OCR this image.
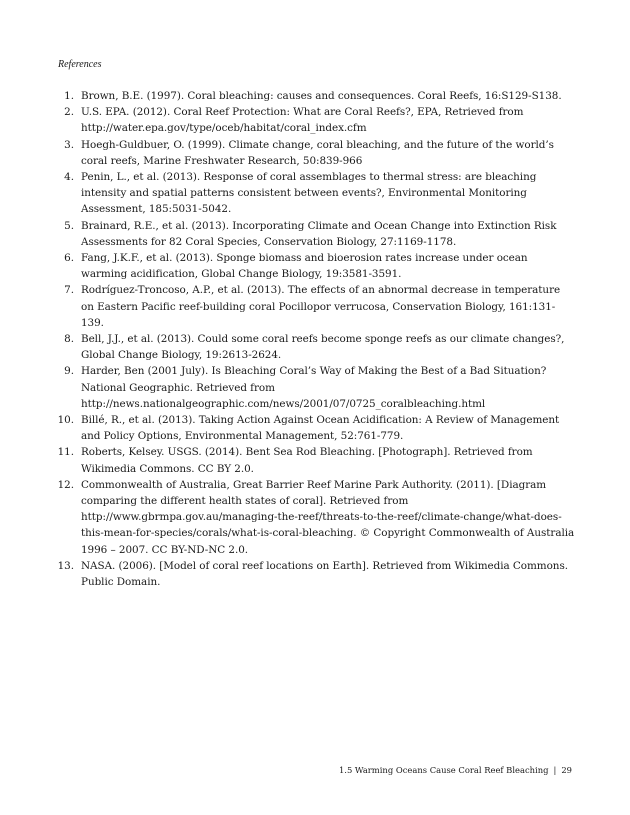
References
1. Brown, B.E. (1997). Coral bleaching: causes and consequences. Coral Reefs, 16:S129-S138.
2. U.S. EPA. (2012). Coral Reef Protection: What are Coral Reefs?, EPA, Retrieved from http://water.epa.gov/type/oceb/habitat/coral_index.cfm
3. Hoegh-Guldbuer, O. (1999). Climate change, coral bleaching, and the future of the world’s coral reefs, Marine Freshwater Research, 50:839-966
4. Penin, L., et al. (2013). Response of coral assemblages to thermal stress: are bleaching intensity and spatial patterns consistent between events?, Environmental Monitoring Assessment, 185:5031-5042.
5. Brainard, R.E., et al. (2013). Incorporating Climate and Ocean Change into Extinction Risk Assessments for 82 Coral Species, Conservation Biology, 27:1169-1178.
6. Fang, J.K.F., et al. (2013). Sponge biomass and bioerosion rates increase under ocean warming acidification, Global Change Biology, 19:3581-3591.
7. Rodríguez-Troncoso, A.P., et al. (2013). The effects of an abnormal decrease in temperature on Eastern Pacific reef-building coral Pocillopor verrucosa, Conservation Biology, 161:131-139.
8. Bell, J.J., et al. (2013). Could some coral reefs become sponge reefs as our climate changes?, Global Change Biology, 19:2613-2624.
9. Harder, Ben (2001 July). Is Bleaching Coral’s Way of Making the Best of a Bad Situation? National Geographic. Retrieved from http://news.nationalgeographic.com/news/2001/07/0725_coralbleaching.html
10. Billé, R., et al. (2013). Taking Action Against Ocean Acidification: A Review of Management and Policy Options, Environmental Management, 52:761-779.
11. Roberts, Kelsey. USGS. (2014). Bent Sea Rod Bleaching. [Photograph]. Retrieved from Wikimedia Commons. CC BY 2.0.
12. Commonwealth of Australia, Great Barrier Reef Marine Park Authority. (2011). [Diagram comparing the different health states of coral]. Retrieved from http://www.gbrmpa.gov.au/managing-the-reef/threats-to-the-reef/climate-change/what-does-this-mean-for-species/corals/what-is-coral-bleaching. © Copyright Commonwealth of Australia 1996 – 2007. CC BY-ND-NC 2.0.
13. NASA. (2006). [Model of coral reef locations on Earth]. Retrieved from Wikimedia Commons. Public Domain.
1.5 Warming Oceans Cause Coral Reef Bleaching | 29
